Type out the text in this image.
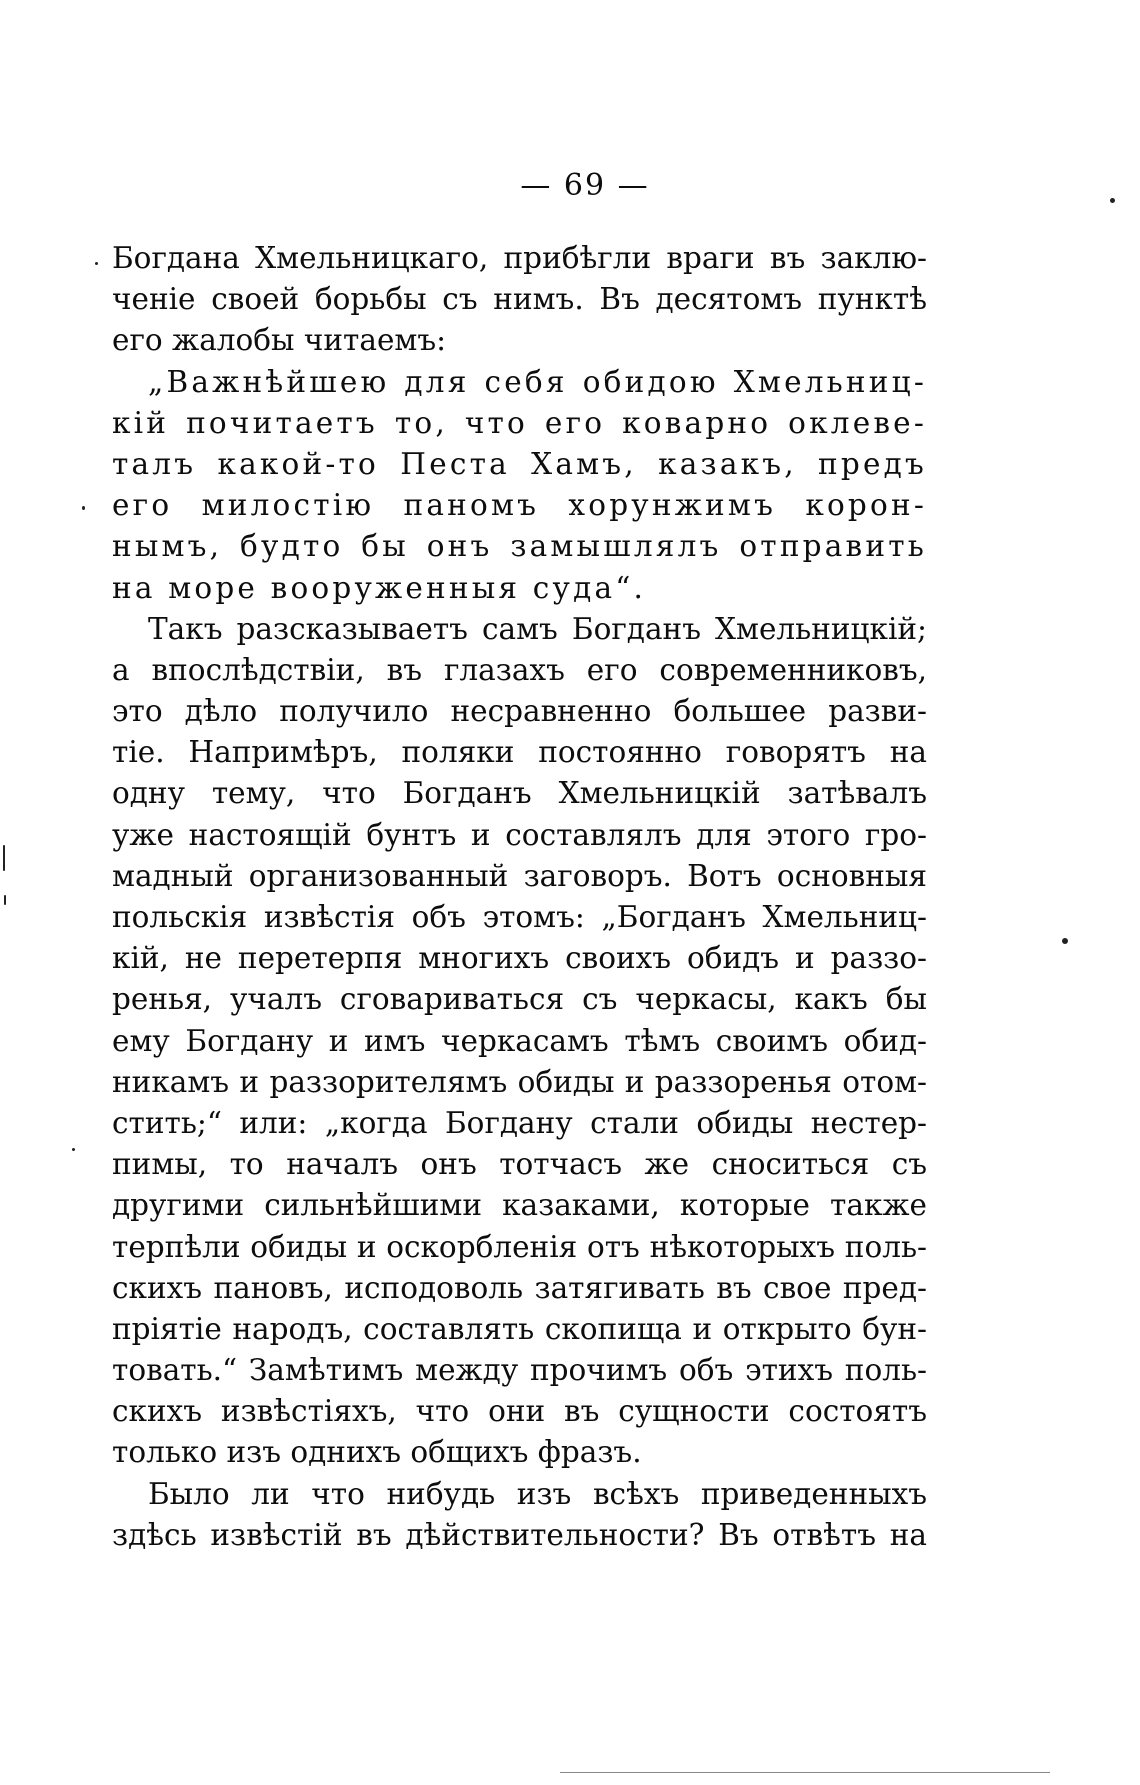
— 69 —
Богдана Хмельницкаго, прибѣгли враги въ заклю-
ченіе своей борьбы съ нимъ. Въ десятомъ пунктѣ
его жалобы читаемъ:
„Важнѣйшею для себя обидою Хмельниц-
кій почитаетъ то, что его коварно оклеве-
талъ какой-то Песта Хамъ, казакъ, предъ
его милостію паномъ хорунжимъ корон-
нымъ, будто бы онъ замышлялъ отправить
на море вооруженныя суда“.
Такъ разсказываетъ самъ Богданъ Хмельницкій;
а впослѣдствіи, въ глазахъ его современниковъ,
это дѣло получило несравненно большее разви-
тіе. Напримѣръ, поляки постоянно говорятъ на
одну тему, что Богданъ Хмельницкій затѣвалъ
уже настоящій бунтъ и составлялъ для этого гро-
мадный организованный заговоръ. Вотъ основныя
польскія извѣстія объ этомъ: „Богданъ Хмельниц-
кій, не перетерпя многихъ своихъ обидъ и раззо-
ренья, учалъ сговариваться съ черкасы, какъ бы
ему Богдану и имъ черкасамъ тѣмъ своимъ обид-
никамъ и раззорителямъ обиды и раззоренья отом-
стить;“ или: „когда Богдану стали обиды нестер-
пимы, то началъ онъ тотчасъ же сноситься съ
другими сильнѣйшими казаками, которые также
терпѣли обиды и оскорбленія отъ нѣкоторыхъ поль-
скихъ пановъ, исподоволь затягивать въ свое пред-
пріятіе народъ, составлять скопища и открыто бун-
товать.“ Замѣтимъ между прочимъ объ этихъ поль-
скихъ извѣстіяхъ, что они въ сущности состоятъ
только изъ однихъ общихъ фразъ.
Было ли что нибудь изъ всѣхъ приведенныхъ
здѣсь извѣстій въ дѣйствительности? Въ отвѣтъ на
